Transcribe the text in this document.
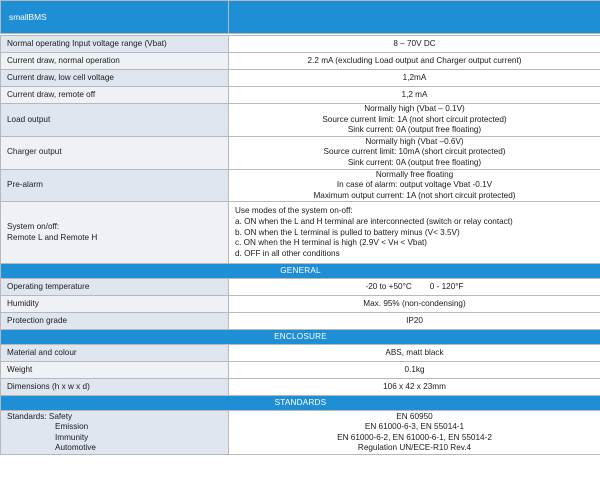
smallBMS	

Normal operating Input voltage range (Vbat)	8 – 70V DC

Current draw, normal operation	2.2 mA (excluding Load output and Charger output current)

Current draw, low cell voltage	1,2mA

Current draw, remote off	1,2 mA

Load output	Normally high (Vbat – 0.1V)
Source current limit: 1A (not short circuit protected)
Sink current: 0A (output free floating)

Charger output	Normally high (Vbat –0.6V)
Source current limit: 10mA (short circuit protected)
Sink current: 0A (output free floating)

Pre-alarm	Normally free floating
In case of alarm: output voltage Vbat -0.1V
Maximum output current: 1A (not short circuit protected)

System on/off:
Remote L and Remote H	Use modes of the system on-off:
a. ON when the L and H terminal are interconnected (switch or relay contact)
b. ON when the L terminal is pulled to battery minus (V< 3.5V)
c. ON when the H terminal is high (2.9V < Vн < Vbat)
d. OFF in all other conditions

GENERAL	
Operating temperature	-20 to +50°C 0 - 120°F
Humidity	Max. 95% (non-condensing)
Protection grade	IP20
ENCLOSURE	
Material and colour	ABS, matt black
Weight	0.1kg
Dimensions (h x w x d)	106 x 42 x 23mm
STANDARDS	

Standards: Safety
Emission
Immunity
Automotive	EN 60950
EN 61000-6-3, EN 55014-1
EN 61000-6-2, EN 61000-6-1, EN 55014-2
Regulation UN/ECE-R10 Rev.4
